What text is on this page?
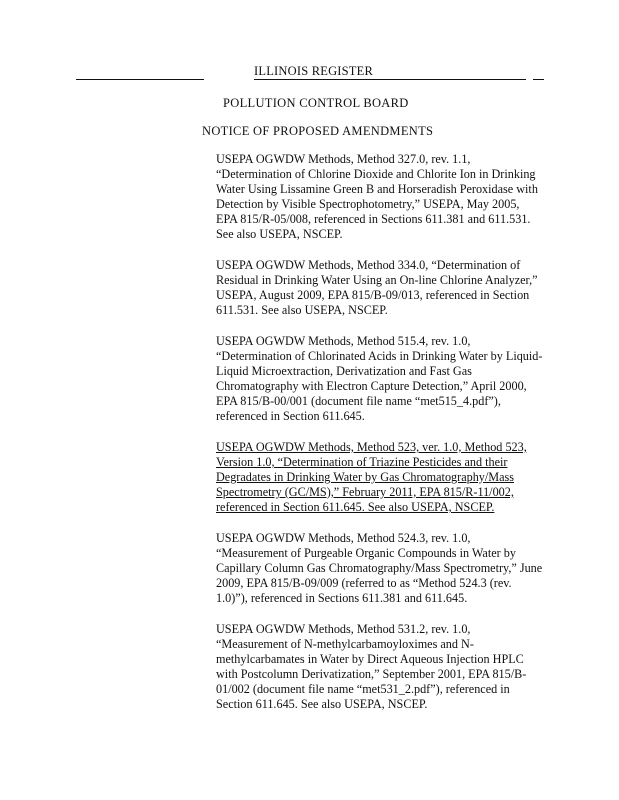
ILLINOIS REGISTER
POLLUTION CONTROL BOARD
NOTICE OF PROPOSED AMENDMENTS
USEPA OGWDW Methods, Method 327.0, rev. 1.1,
“Determination of Chlorine Dioxide and Chlorite Ion in Drinking
Water Using Lissamine Green B and Horseradish Peroxidase with
Detection by Visible Spectrophotometry,” USEPA, May 2005,
EPA 815/R-05/008, referenced in Sections 611.381 and 611.531.
See also USEPA, NSCEP.
USEPA OGWDW Methods, Method 334.0, “Determination of
Residual in Drinking Water Using an On-line Chlorine Analyzer,”
USEPA, August 2009, EPA 815/B-09/013, referenced in Section
611.531. See also USEPA, NSCEP.
USEPA OGWDW Methods, Method 515.4, rev. 1.0,
“Determination of Chlorinated Acids in Drinking Water by Liquid-
Liquid Microextraction, Derivatization and Fast Gas
Chromatography with Electron Capture Detection,” April 2000,
EPA 815/B-00/001 (document file name “met515_4.pdf”),
referenced in Section 611.645.
USEPA OGWDW Methods, Method 523, ver. 1.0, Method 523,
Version 1.0, “Determination of Triazine Pesticides and their
Degradates in Drinking Water by Gas Chromatography/Mass
Spectrometry (GC/MS),” February 2011, EPA 815/R-11/002,
referenced in Section 611.645. See also USEPA, NSCEP.
USEPA OGWDW Methods, Method 524.3, rev. 1.0,
“Measurement of Purgeable Organic Compounds in Water by
Capillary Column Gas Chromatography/Mass Spectrometry,” June
2009, EPA 815/B-09/009 (referred to as “Method 524.3 (rev.
1.0)”), referenced in Sections 611.381 and 611.645.
USEPA OGWDW Methods, Method 531.2, rev. 1.0,
“Measurement of N-methylcarbamoyloximes and N-
methylcarbamates in Water by Direct Aqueous Injection HPLC
with Postcolumn Derivatization,” September 2001, EPA 815/B-
01/002 (document file name “met531_2.pdf”), referenced in
Section 611.645. See also USEPA, NSCEP.
